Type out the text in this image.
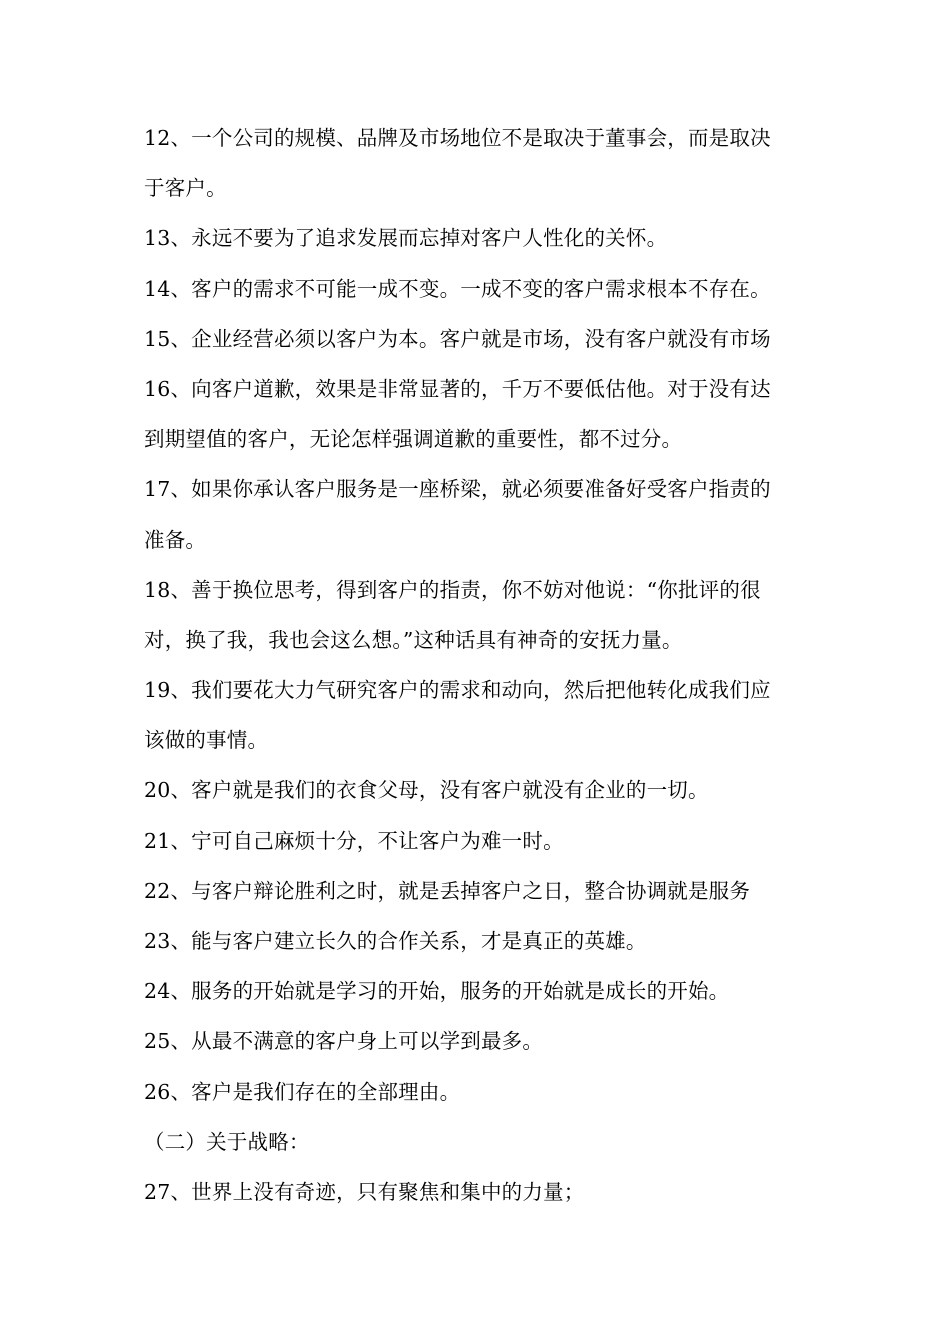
12、一个公司的规模、品牌及市场地位不是取决于董事会，而是取决
于客户。
13、永远不要为了追求发展而忘掉对客户人性化的关怀。
14、客户的需求不可能一成不变。一成不变的客户需求根本不存在。
15、企业经营必须以客户为本。客户就是市场，没有客户就没有市场
16、向客户道歉，效果是非常显著的，千万不要低估他。对于没有达
到期望值的客户，无论怎样强调道歉的重要性，都不过分。
17、如果你承认客户服务是一座桥梁，就必须要准备好受客户指责的
准备。
18、善于换位思考，得到客户的指责，你不妨对他说：“你批评的很
对，换了我，我也会这么想。”这种话具有神奇的安抚力量。
19、我们要花大力气研究客户的需求和动向，然后把他转化成我们应
该做的事情。
20、客户就是我们的衣食父母，没有客户就没有企业的一切。
21、宁可自己麻烦十分，不让客户为难一时。
22、与客户辩论胜利之时，就是丢掉客户之日，整合协调就是服务
23、能与客户建立长久的合作关系，才是真正的英雄。
24、服务的开始就是学习的开始，服务的开始就是成长的开始。
25、从最不满意的客户身上可以学到最多。
26、客户是我们存在的全部理由。
（二）关于战略：
27、世界上没有奇迹，只有聚焦和集中的力量；
